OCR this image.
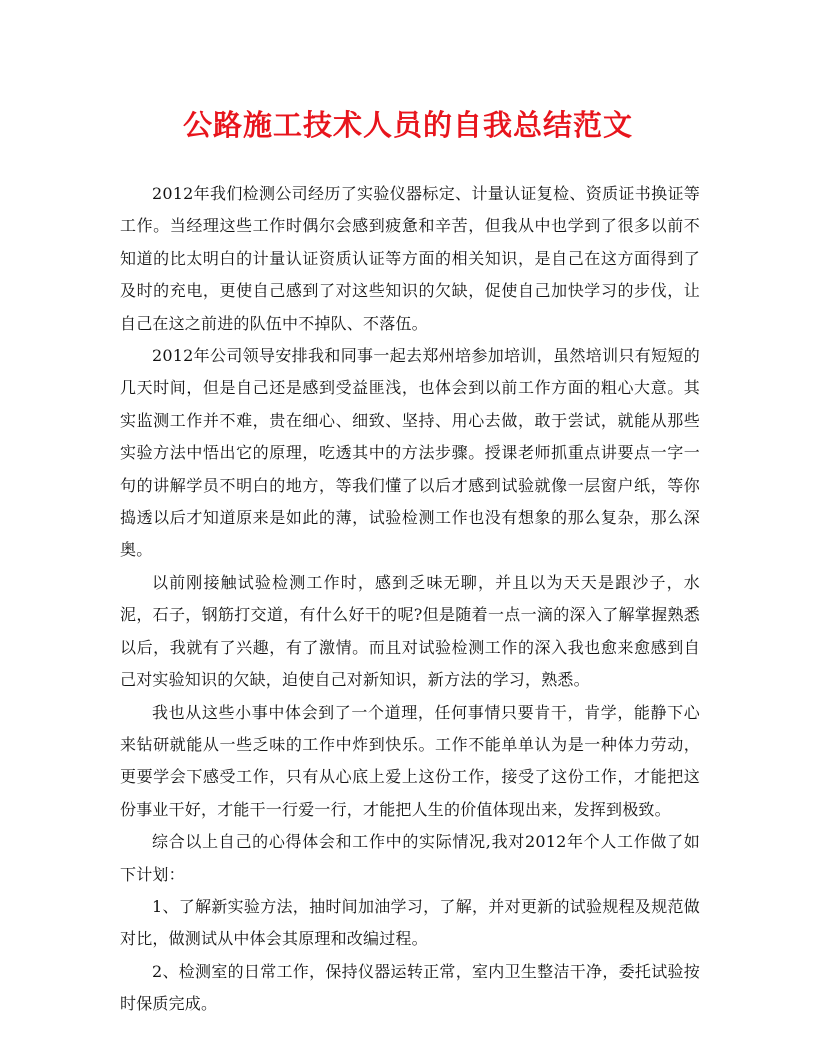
公路施工技术人员的自我总结范文

2012年我们检测公司经历了实验仪器标定、计量认证复检、资质证书换证等工作。当经理这些工作时偶尔会感到疲惫和辛苦，但我从中也学到了很多以前不知道的比太明白的计量认证资质认证等方面的相关知识，是自己在这方面得到了及时的充电，更使自己感到了对这些知识的欠缺，促使自己加快学习的步伐，让自己在这之前进的队伍中不掉队、不落伍。

2012年公司领导安排我和同事一起去郑州培参加培训，虽然培训只有短短的几天时间，但是自己还是感到受益匪浅，也体会到以前工作方面的粗心大意。其实监测工作并不难，贵在细心、细致、坚持、用心去做，敢于尝试，就能从那些实验方法中悟出它的原理，吃透其中的方法步骤。授课老师抓重点讲要点一字一句的讲解学员不明白的地方，等我们懂了以后才感到试验就像一层窗户纸，等你捣透以后才知道原来是如此的薄，试验检测工作也没有想象的那么复杂，那么深奥。

以前刚接触试验检测工作时，感到乏味无聊，并且以为天天是跟沙子，水泥，石子，钢筋打交道，有什么好干的呢?但是随着一点一滴的深入了解掌握熟悉以后，我就有了兴趣，有了激情。而且对试验检测工作的深入我也愈来愈感到自己对实验知识的欠缺，迫使自己对新知识，新方法的学习，熟悉。

我也从这些小事中体会到了一个道理，任何事情只要肯干，肯学，能静下心来钻研就能从一些乏味的工作中炸到快乐。工作不能单单认为是一种体力劳动，更要学会下感受工作，只有从心底上爱上这份工作，接受了这份工作，才能把这份事业干好，才能干一行爱一行，才能把人生的价值体现出来，发挥到极致。

综合以上自己的心得体会和工作中的实际情况,我对2012年个人工作做了如下计划：

1、了解新实验方法，抽时间加油学习，了解，并对更新的试验规程及规范做对比，做测试从中体会其原理和改编过程。

2、检测室的日常工作，保持仪器运转正常，室内卫生整洁干净，委托试验按时保质完成。
